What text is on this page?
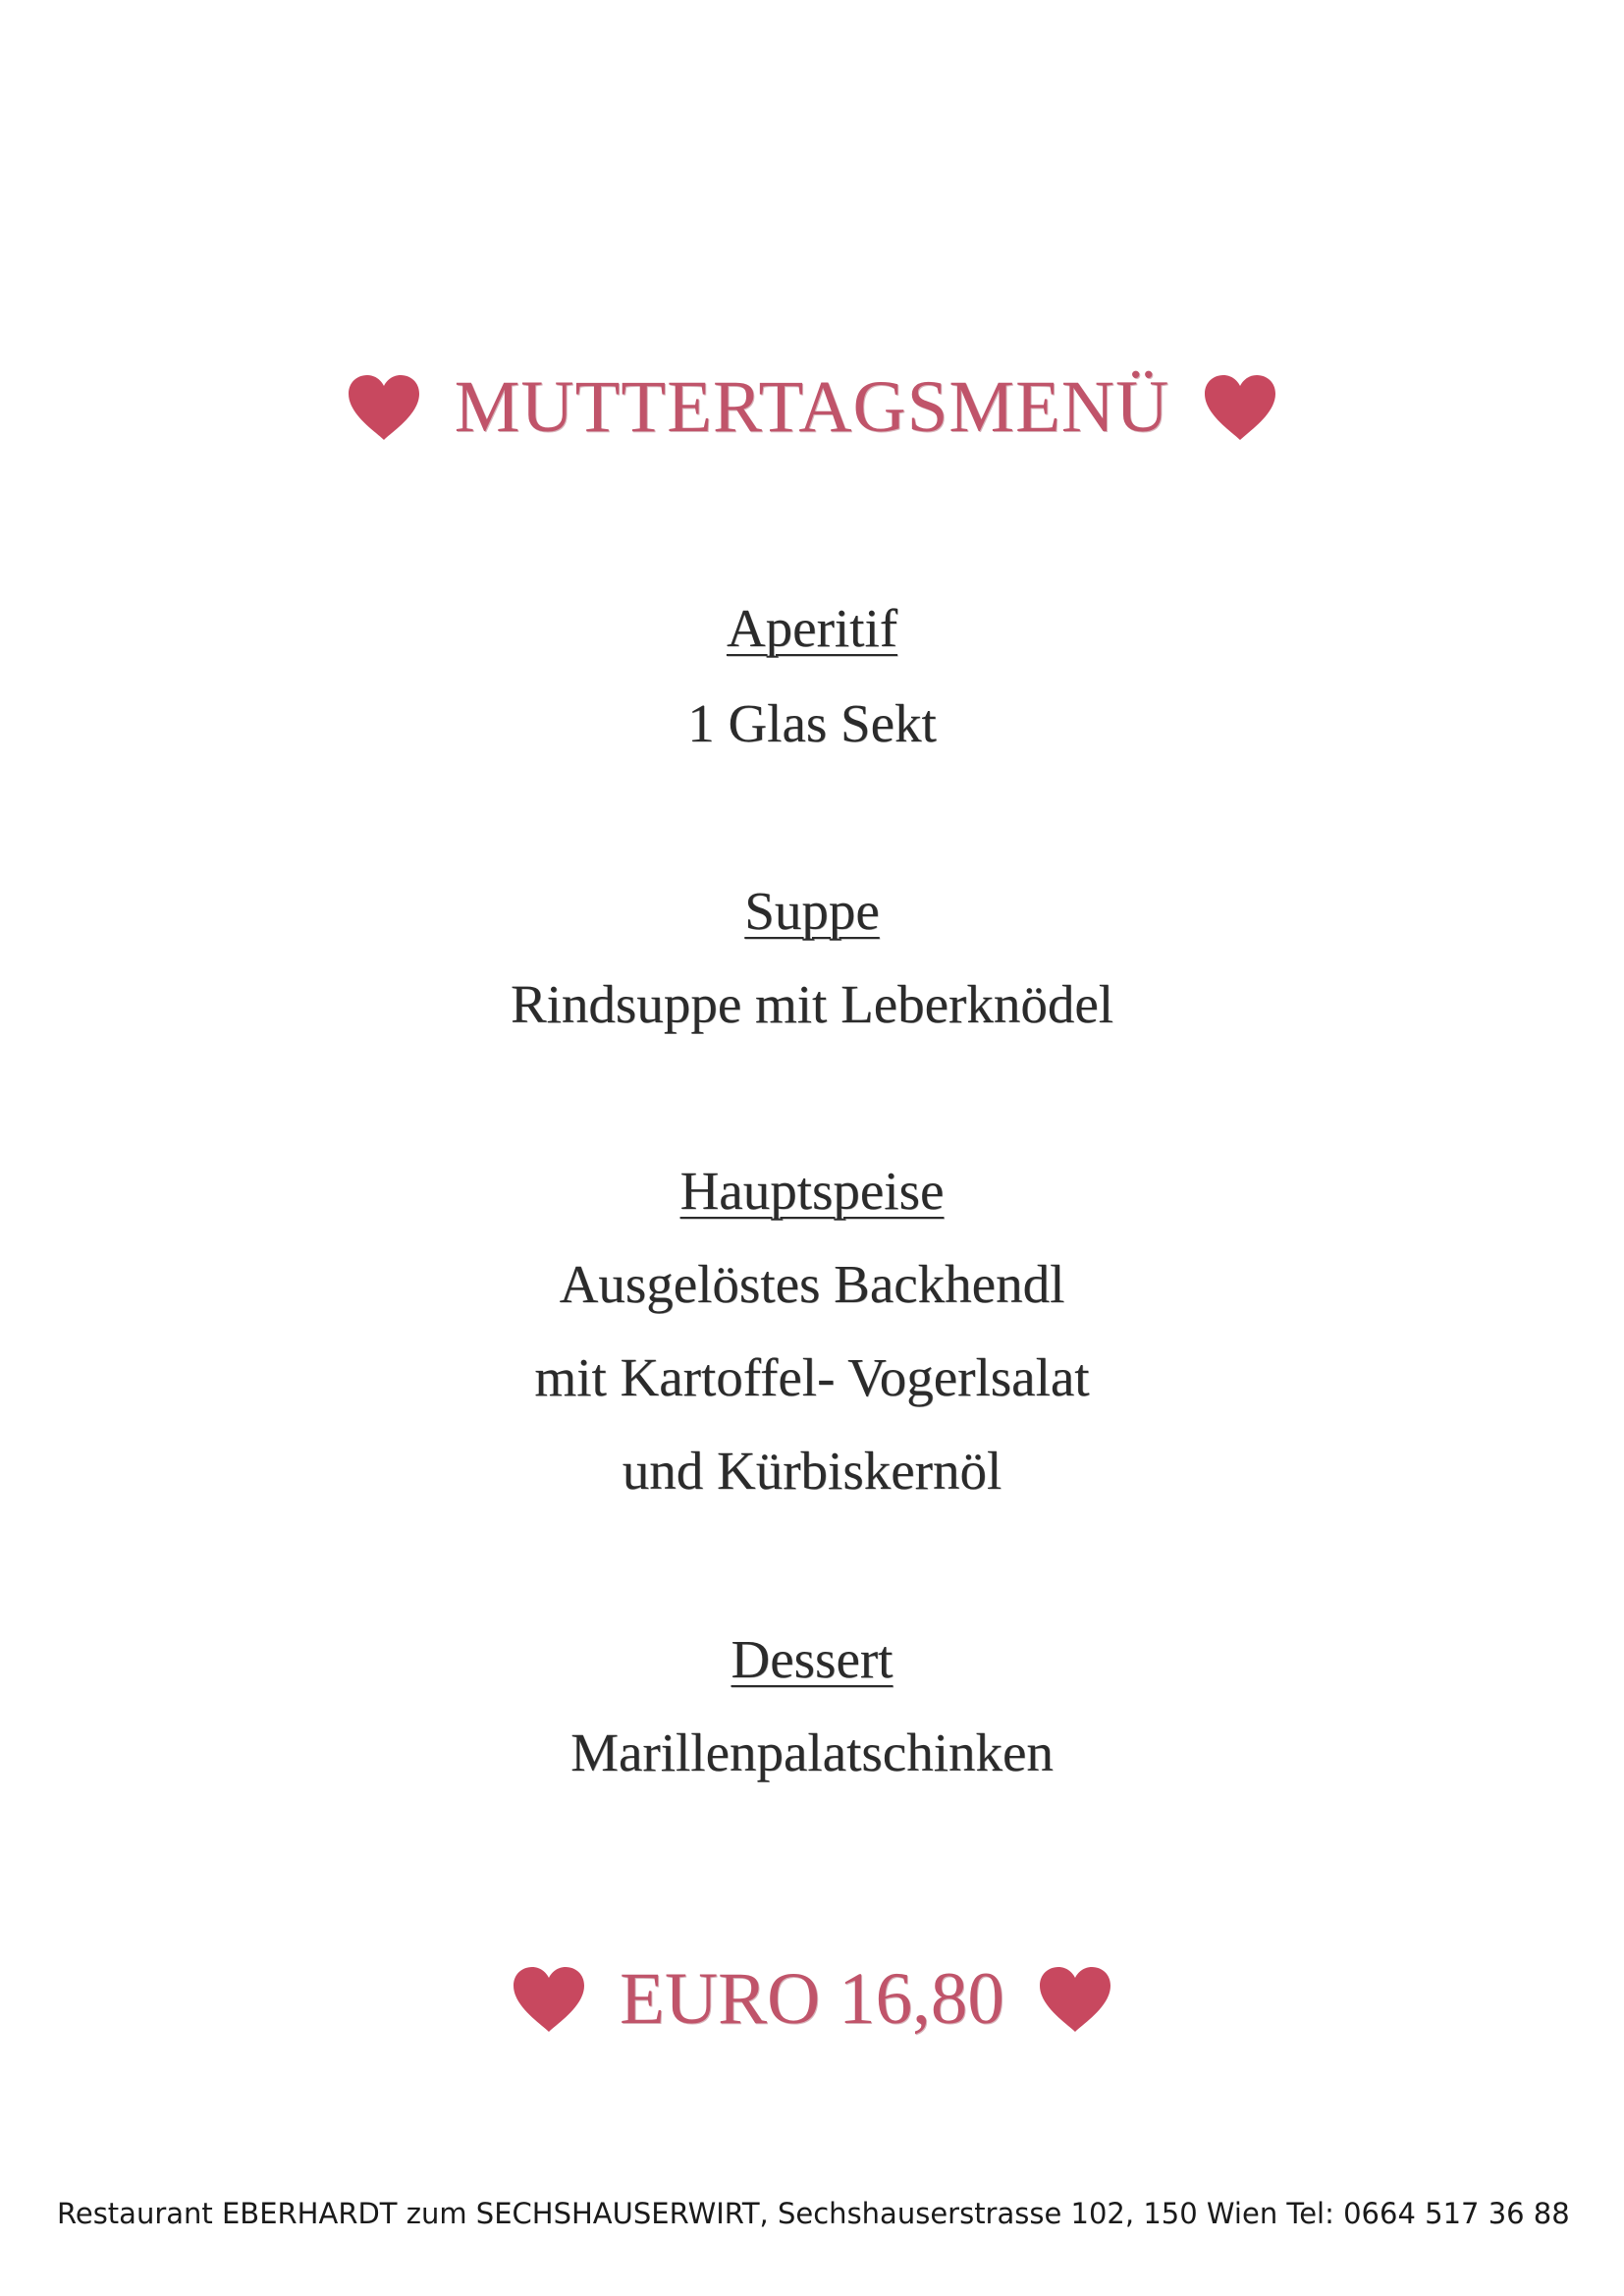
MUTTERTAGSMENÜ
Aperitif
1 Glas Sekt
Suppe
Rindsuppe mit Leberknödel
Hauptspeise
Ausgelöstes Backhendl
mit Kartoffel- Vogerlsalat
und Kürbiskernöl
Dessert
Marillenpalatschinken
EURO 16,80
Restaurant EBERHARDT zum SECHSHAUSERWIRT, Sechshauserstrasse 102, 150 Wien Tel: 0664 517 36 88
